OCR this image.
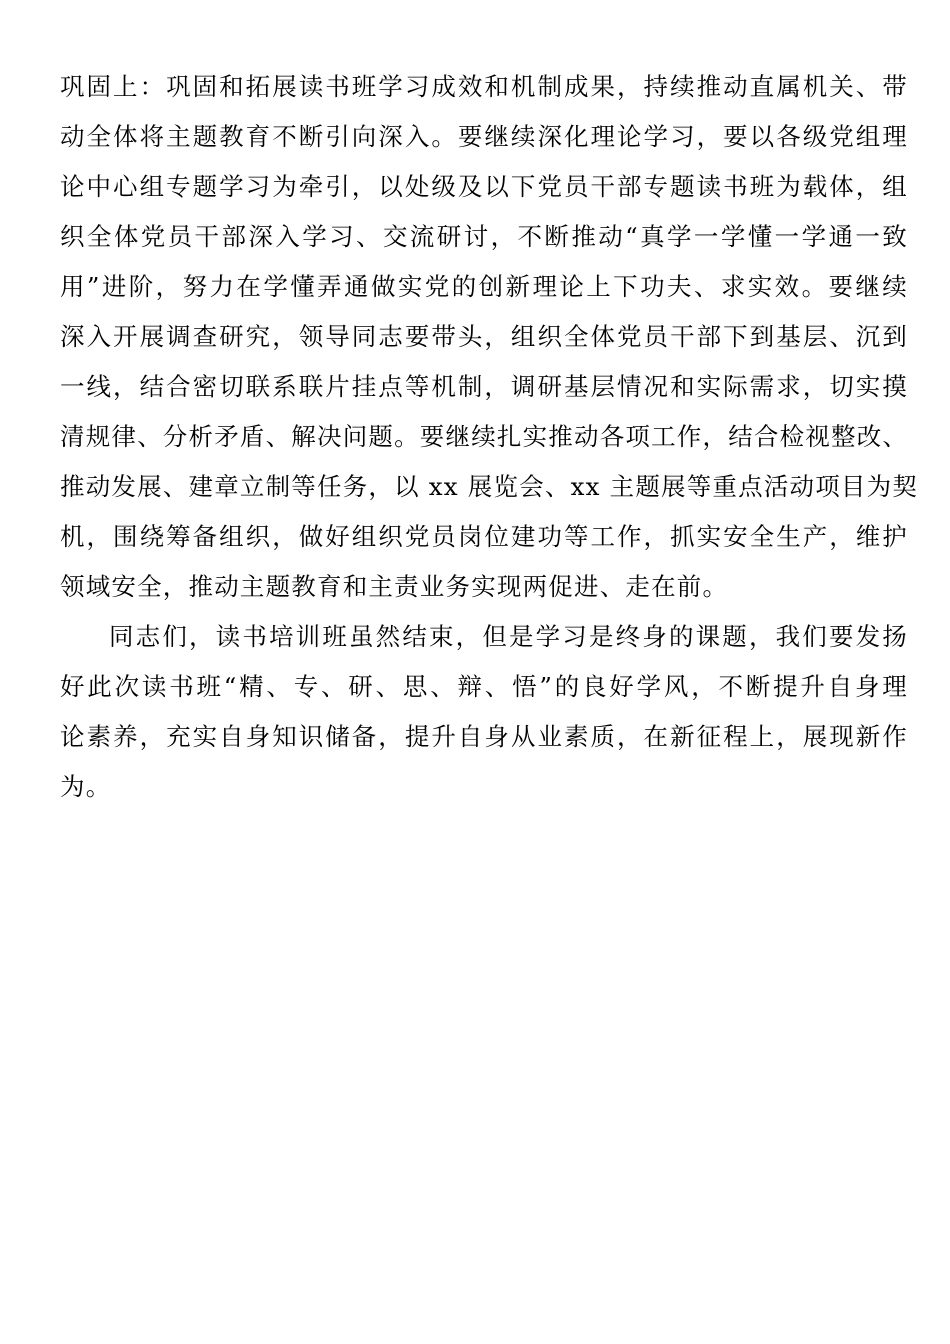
巩固上：巩固和拓展读书班学习成效和机制成果，持续推动直属机关、带
动全体将主题教育不断引向深入。要继续深化理论学习，要以各级党组理
论中心组专题学习为牵引，以处级及以下党员干部专题读书班为载体，组
织全体党员干部深入学习、交流研讨，不断推动“真学一学懂一学通一致
用”进阶，努力在学懂弄通做实党的创新理论上下功夫、求实效。要继续
深入开展调查研究，领导同志要带头，组织全体党员干部下到基层、沉到
一线，结合密切联系联片挂点等机制，调研基层情况和实际需求，切实摸
清规律、分析矛盾、解决问题。要继续扎实推动各项工作，结合检视整改、
推动发展、建章立制等任务，以 xx 展览会、xx 主题展等重点活动项目为契
机，围绕筹备组织，做好组织党员岗位建功等工作，抓实安全生产，维护
领域安全，推动主题教育和主责业务实现两促进、走在前。
同志们，读书培训班虽然结束，但是学习是终身的课题，我们要发扬
好此次读书班“精、专、研、思、辩、悟”的良好学风，不断提升自身理
论素养，充实自身知识储备，提升自身从业素质，在新征程上，展现新作
为。
